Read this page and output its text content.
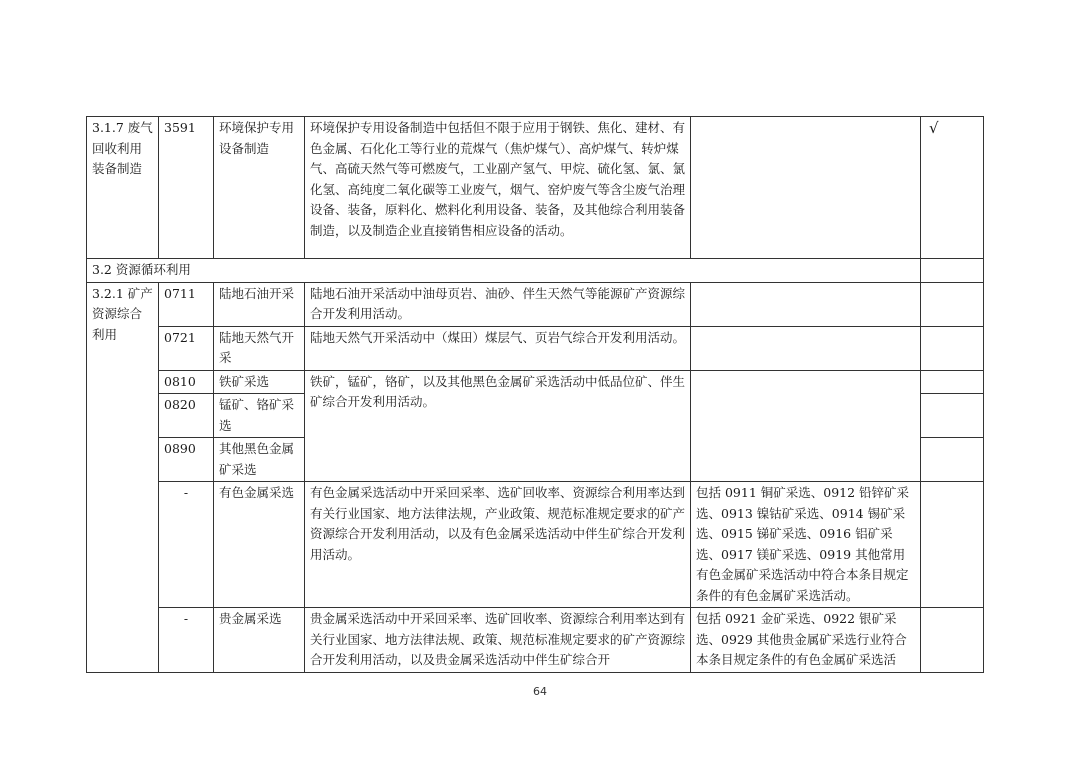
3.1.7 废气回收利用装备制造	3591	环境保护专用设备制造	环境保护专用设备制造中包括但不限于应用于钢铁、焦化、建材、有色金属、石化化工等行业的荒煤气（焦炉煤气）、高炉煤气、转炉煤气、高硫天然气等可燃废气，工业副产氢气、甲烷、硫化氢、氯、氯化氢、高纯度二氧化碳等工业废气，烟气、窑炉废气等含尘废气治理设备、装备，原料化、燃料化利用设备、装备，及其他综合利用装备制造，以及制造企业直接销售相应设备的活动。		√
3.2 资源循环利用					
3.2.1 矿产资源综合利用	0711	陆地石油开采	陆地石油开采活动中油母页岩、油砂、伴生天然气等能源矿产资源综合开发利用活动。		
	0721	陆地天然气开采	陆地天然气开采活动中（煤田）煤层气、页岩气综合开发利用活动。		
	0810	铁矿采选	铁矿，锰矿，铬矿，以及其他黑色金属矿采选活动中低品位矿、伴生矿综合开发利用活动。		
	0820	锰矿、铬矿采选			
	0890	其他黑色金属矿采选			
	-	有色金属采选	有色金属采选活动中开采回采率、选矿回收率、资源综合利用率达到有关行业国家、地方法律法规，产业政策、规范标准规定要求的矿产资源综合开发利用活动，以及有色金属采选活动中伴生矿综合开发利用活动。	包括 0911 铜矿采选、0912 铅锌矿采选、0913 镍钴矿采选、0914 锡矿采选、0915 锑矿采选、0916 铝矿采选、0917 镁矿采选、0919 其他常用有色金属矿采选活动中符合本条目规定条件的有色金属矿采选活动。	
	-	贵金属采选	贵金属采选活动中开采回采率、选矿回收率、资源综合利用率达到有关行业国家、地方法律法规、政策、规范标准规定要求的矿产资源综合开发利用活动，以及贵金属采选活动中伴生矿综合开	包括 0921 金矿采选、0922 银矿采选、0929 其他贵金属矿采选行业符合本条目规定条件的有色金属矿采选活	
64
